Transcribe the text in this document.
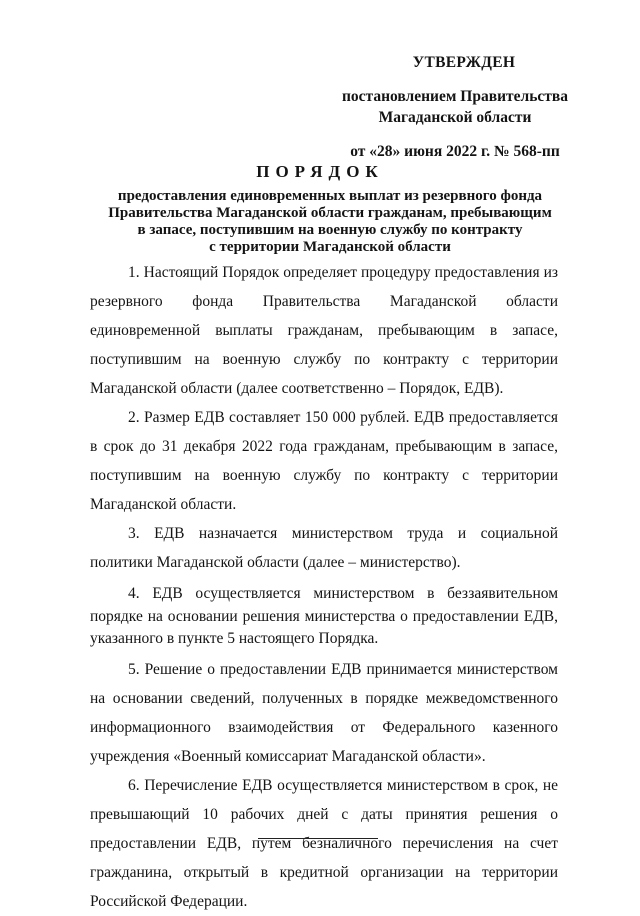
УТВЕРЖДЕН
постановлением Правительства
Магаданской области
от «28» июня 2022 г. № 568-пп
ПОРЯДОК
предоставления единовременных выплат из резервного фонда
Правительства Магаданской области гражданам, пребывающим
в запасе, поступившим на военную службу по контракту
с территории Магаданской области

1. Настоящий Порядок определяет процедуру предоставления из резервного фонда Правительства Магаданской области единовременной выплаты гражданам, пребывающим в запасе, поступившим на военную службу по контракту с территории Магаданской области (далее соответственно – Порядок, ЕДВ).

2. Размер ЕДВ составляет 150 000 рублей. ЕДВ предоставляется в срок до 31 декабря 2022 года гражданам, пребывающим в запасе, поступившим на военную службу по контракту с территории Магаданской области.

3. ЕДВ назначается министерством труда и социальной политики Магаданской области (далее – министерство).

4. ЕДВ осуществляется министерством в беззаявительном порядке на основании решения министерства о предоставлении ЕДВ, указанного в пункте 5 настоящего Порядка.

5. Решение о предоставлении ЕДВ принимается министерством на основании сведений, полученных в порядке межведомственного информационного взаимодействия от Федерального казенного учреждения «Военный комиссариат Магаданской области».

6. Перечисление ЕДВ осуществляется министерством в срок, не превышающий 10 рабочих дней с даты принятия решения о предоставлении ЕДВ, путем безналичного перечисления на счет гражданина, открытый в кредитной организации на территории Российской Федерации.
